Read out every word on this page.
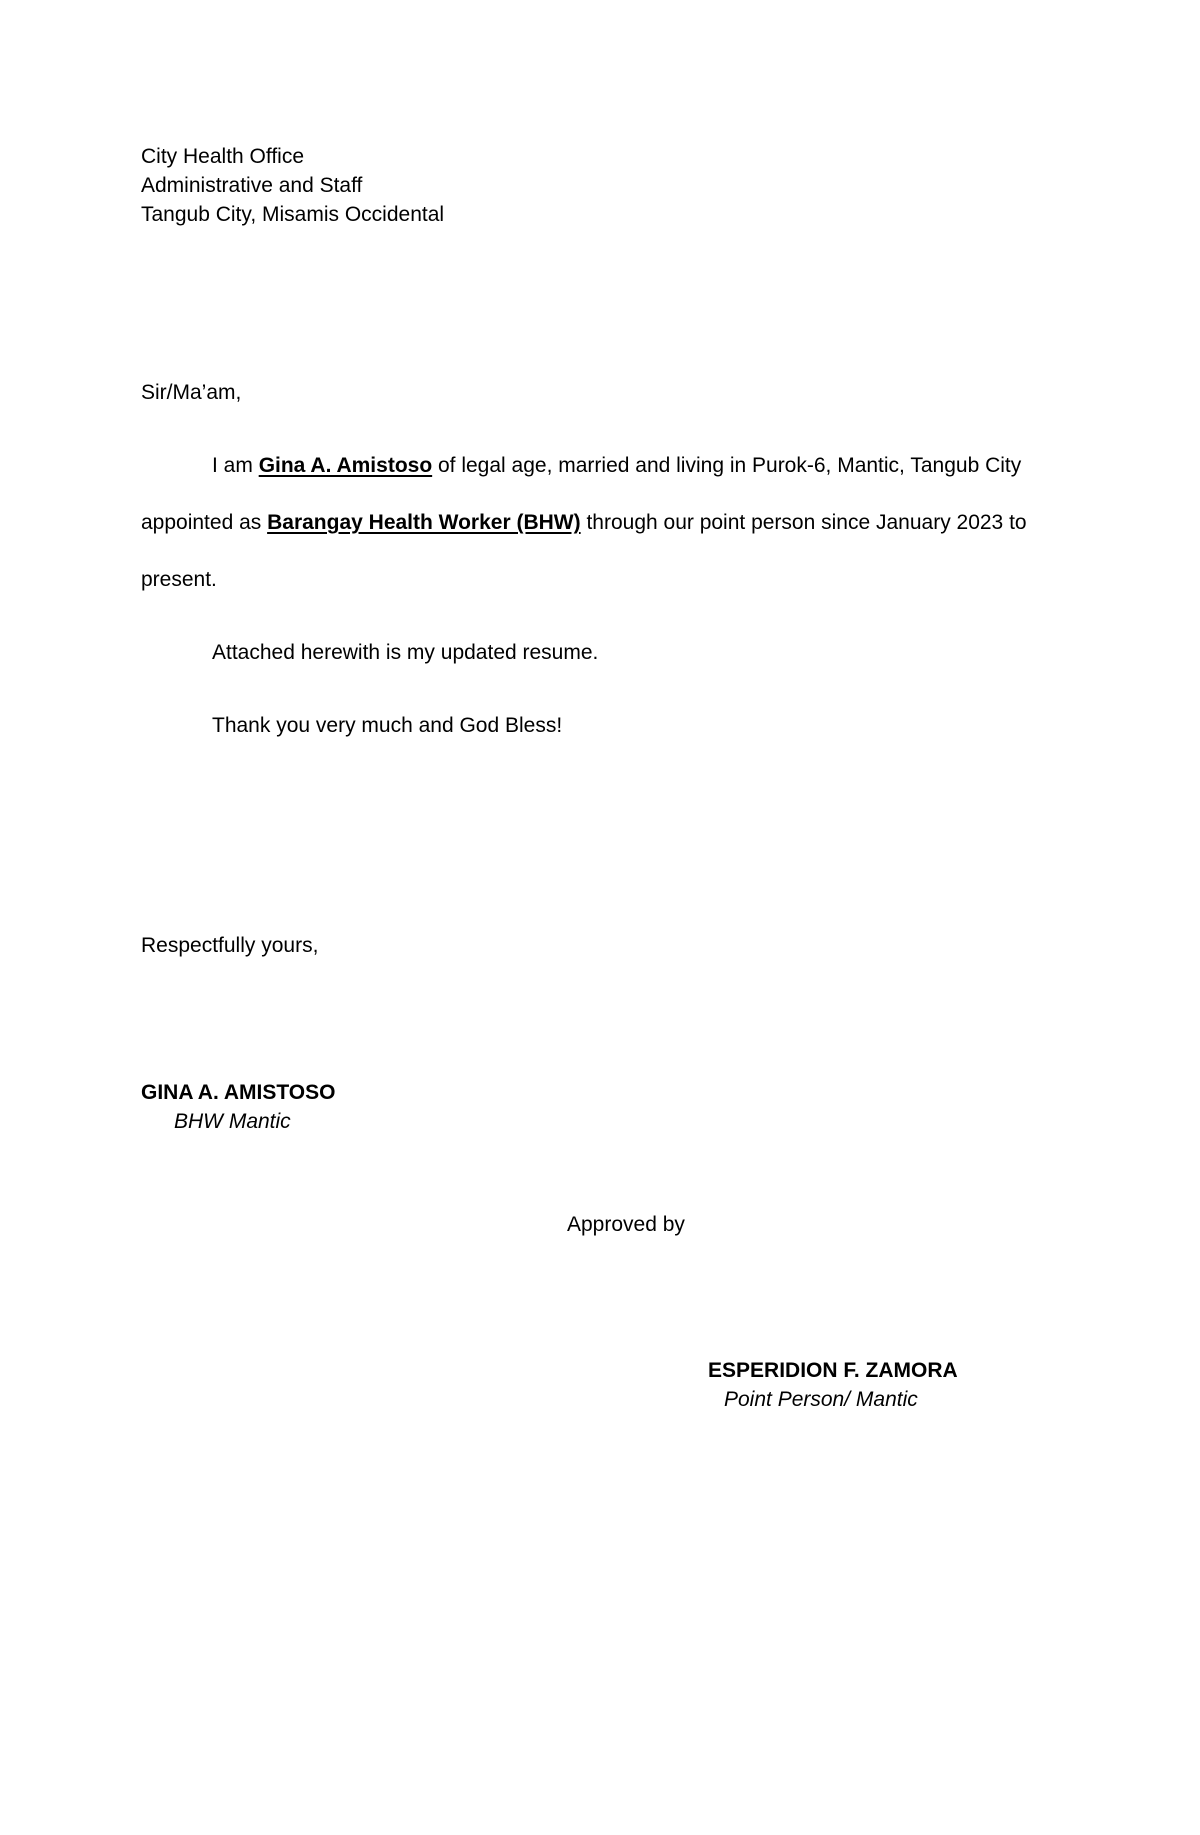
City Health Office
Administrative and Staff
Tangub City, Misamis Occidental
Sir/Ma’am,
I am Gina A. Amistoso of legal age, married and living in Purok-6, Mantic, Tangub City
appointed as Barangay Health Worker (BHW) through our point person since January 2023 to
present.
Attached herewith is my updated resume.
Thank you very much and God Bless!
Respectfully yours,
GINA A. AMISTOSO
BHW Mantic
Approved by
ESPERIDION F. ZAMORA
Point Person/ Mantic
